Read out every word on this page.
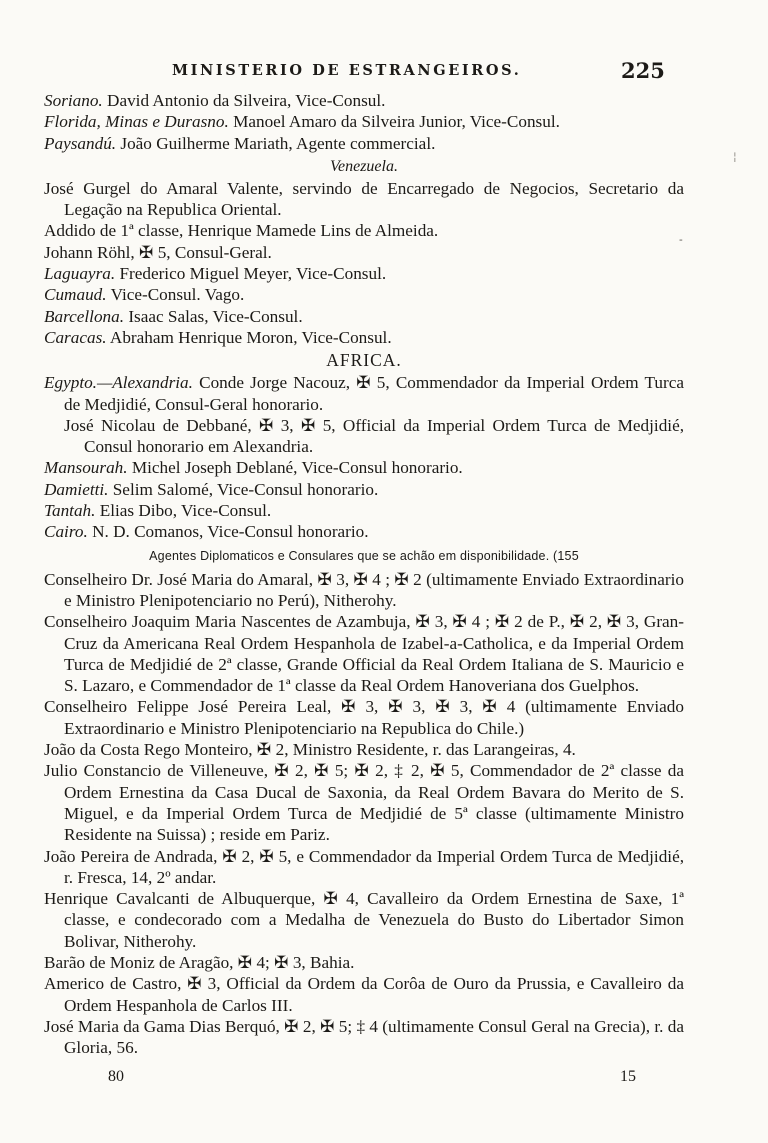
MINISTERIO DE ESTRANGEIROS.	225
¦
-

Soriano. David Antonio da Silveira, Vice-Consul.

Florida, Minas e Durasno. Manoel Amaro da Silveira Junior, Vice-Consul.

Paysandú. João Guilherme Mariath, Agente commercial.

Venezuela.

José Gurgel do Amaral Valente, servindo de Encarregado de Negocios, Secretario da Legação na Republica Oriental.

Addido de 1ª classe, Henrique Mamede Lins de Almeida.

Johann Röhl, ✠ 5, Consul-Geral.

Laguayra. Frederico Miguel Meyer, Vice-Consul.

Cumaud. Vice-Consul. Vago.

Barcellona. Isaac Salas, Vice-Consul.

Caracas. Abraham Henrique Moron, Vice-Consul.

AFRICA.

Egypto.—Alexandria. Conde Jorge Nacouz, ✠ 5, Commendador da Imperial Ordem Turca de Medjidié, Consul-Geral honorario.

José Nicolau de Debbané, ✠ 3, ✠ 5, Official da Imperial Ordem Turca de Medjidié, Consul honorario em Alexandria.

Mansourah. Michel Joseph Deblané, Vice-Consul honorario.

Damietti. Selim Salomé, Vice-Consul honorario.

Tantah. Elias Dibo, Vice-Consul.

Cairo. N. D. Comanos, Vice-Consul honorario.

Agentes Diplomaticos e Consulares que se achão em disponibilidade. (155

Conselheiro Dr. José Maria do Amaral, ✠ 3, ✠ 4 ; ✠ 2 (ultimamente Enviado Extraordinario e Ministro Plenipotenciario no Perú), Nitherohy.

Conselheiro Joaquim Maria Nascentes de Azambuja, ✠ 3, ✠ 4 ; ✠ 2 de P., ✠ 2, ✠ 3, Gran-Cruz da Americana Real Ordem Hespanhola de Izabel-a-Catholica, e da Imperial Ordem Turca de Medjidié de 2ª classe, Grande Official da Real Ordem Italiana de S. Mauricio e S. Lazaro, e Commendador de 1ª classe da Real Ordem Hanoveriana dos Guelphos.

Conselheiro Felippe José Pereira Leal, ✠ 3, ✠ 3, ✠ 3, ✠ 4 (ultimamente Enviado Extraordinario e Ministro Plenipotenciario na Republica do Chile.)

João da Costa Rego Monteiro, ✠ 2, Ministro Residente, r. das Larangeiras, 4.

Julio Constancio de Villeneuve, ✠ 2, ✠ 5; ✠ 2, ‡ 2, ✠ 5, Commendador de 2ª classe da Ordem Ernestina da Casa Ducal de Saxonia, da Real Ordem Bavara do Merito de S. Miguel, e da Imperial Ordem Turca de Medjidié de 5ª classe (ultimamente Ministro Residente na Suissa) ; reside em Pariz.

João Pereira de Andrada, ✠ 2, ✠ 5, e Commendador da Imperial Ordem Turca de Medjidié, r. Fresca, 14, 2º andar.

Henrique Cavalcanti de Albuquerque, ✠ 4, Cavalleiro da Ordem Ernestina de Saxe, 1ª classe, e condecorado com a Medalha de Venezuela do Busto do Libertador Simon Bolivar, Nitherohy.

Barão de Moniz de Aragão, ✠ 4; ✠ 3, Bahia.

Americo de Castro, ✠ 3, Official da Ordem da Corôa de Ouro da Prussia, e Cavalleiro da Ordem Hespanhola de Carlos III.

José Maria da Gama Dias Berquó, ✠ 2, ✠ 5; ‡ 4 (ultimamente Consul Geral na Grecia), r. da Gloria, 56.

80	15
